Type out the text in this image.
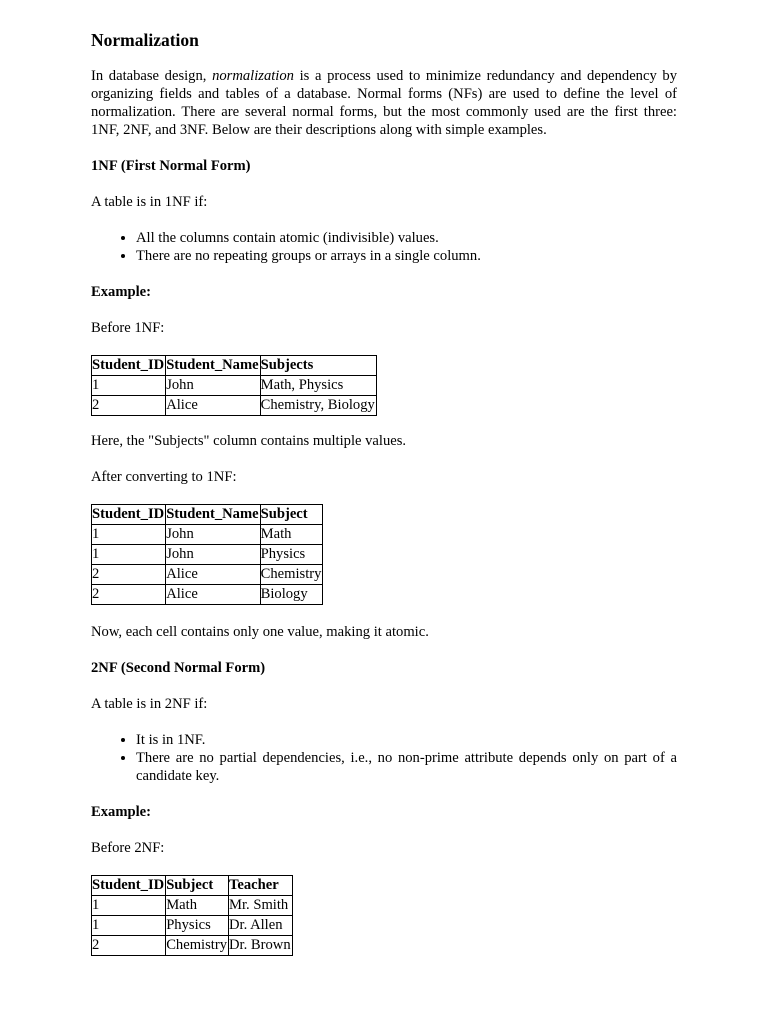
Normalization

In database design, normalization is a process used to minimize redundancy and dependency by organizing fields and tables of a database. Normal forms (NFs) are used to define the level of normalization. There are several normal forms, but the most commonly used are the first three: 1NF, 2NF, and 3NF. Below are their descriptions along with simple examples.

1NF (First Normal Form)

A table is in 1NF if:

• All the columns contain atomic (indivisible) values.
• There are no repeating groups or arrays in a single column.

Example:

Before 1NF:

Student_ID	Student_Name	Subjects
1	John	Math, Physics
2	Alice	Chemistry, Biology

Here, the "Subjects" column contains multiple values.

After converting to 1NF:

Student_ID	Student_Name	Subject
1	John	Math
1	John	Physics
2	Alice	Chemistry
2	Alice	Biology

Now, each cell contains only one value, making it atomic.

2NF (Second Normal Form)

A table is in 2NF if:

• It is in 1NF.
• There are no partial dependencies, i.e., no non-prime attribute depends only on part of a candidate key.

Example:

Before 2NF:

Student_ID	Subject	Teacher
1	Math	Mr. Smith
1	Physics	Dr. Allen
2	Chemistry	Dr. Brown
